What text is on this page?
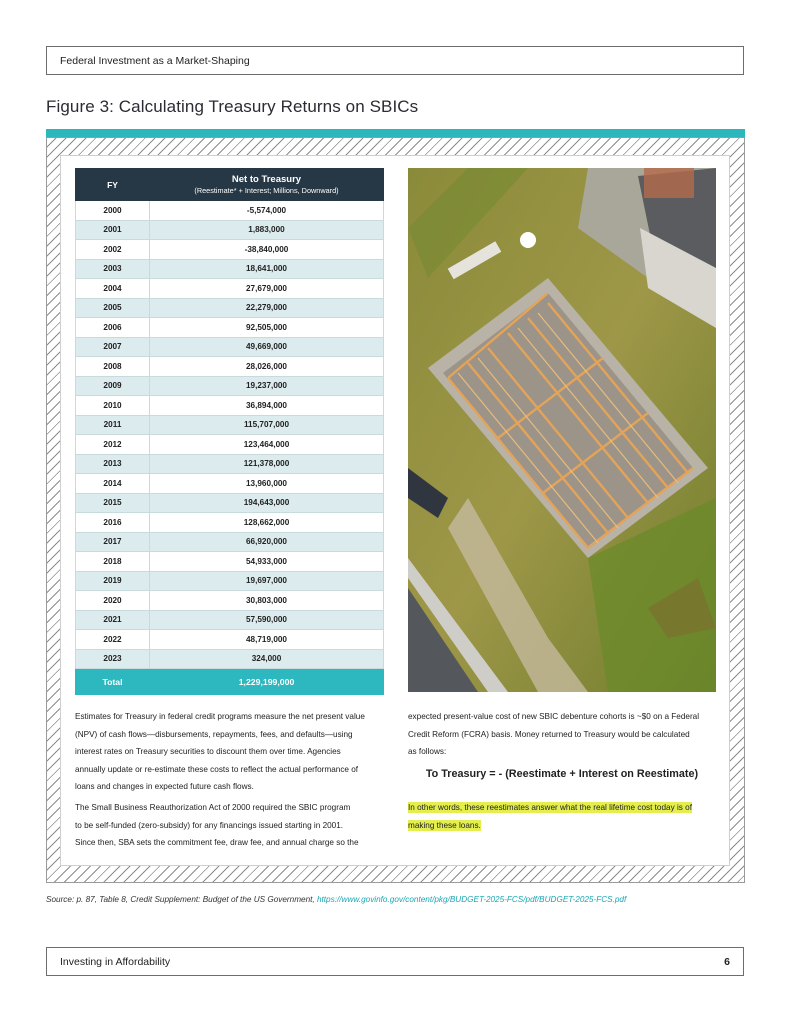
Federal Investment as a Market-Shaping
Figure 3: Calculating Treasury Returns on SBICs
FY	Net to Treasury
(Reestimate* + Interest; Millions, Downward)

2000	-5,574,000
2001	1,883,000
2002	-38,840,000
2003	18,641,000
2004	27,679,000
2005	22,279,000
2006	92,505,000
2007	49,669,000
2008	28,026,000
2009	19,237,000
2010	36,894,000
2011	115,707,000
2012	123,464,000
2013	121,378,000
2014	13,960,000
2015	194,643,000
2016	128,662,000
2017	66,920,000
2018	54,933,000
2019	19,697,000
2020	30,803,000
2021	57,590,000
2022	48,719,000
2023	324,000
Total	1,229,199,000
Estimates for Treasury in federal credit programs measure the net present value
(NPV) of cash flows—disbursements, repayments, fees, and defaults—using
interest rates on Treasury securities to discount them over time. Agencies
annually update or re-estimate these costs to reflect the actual performance of
loans and changes in expected future cash flows.
The Small Business Reauthorization Act of 2000 required the SBIC program
to be self-funded (zero-subsidy) for any financings issued starting in 2001.
Since then, SBA sets the commitment fee, draw fee, and annual charge so the
expected present-value cost of new SBIC debenture cohorts is ~$0 on a Federal
Credit Reform (FCRA) basis. Money returned to Treasury would be calculated
as follows:
To Treasury = - (Reestimate + Interest on Reestimate)
In other words, these reestimates answer what the real lifetime cost today is of
making these loans.
Source: p. 87, Table 8, Credit Supplement: Budget of the US Government, https://www.govinfo.gov/content/pkg/BUDGET-2025-FCS/pdf/BUDGET-2025-FCS.pdf
Investing in Affordability	6
